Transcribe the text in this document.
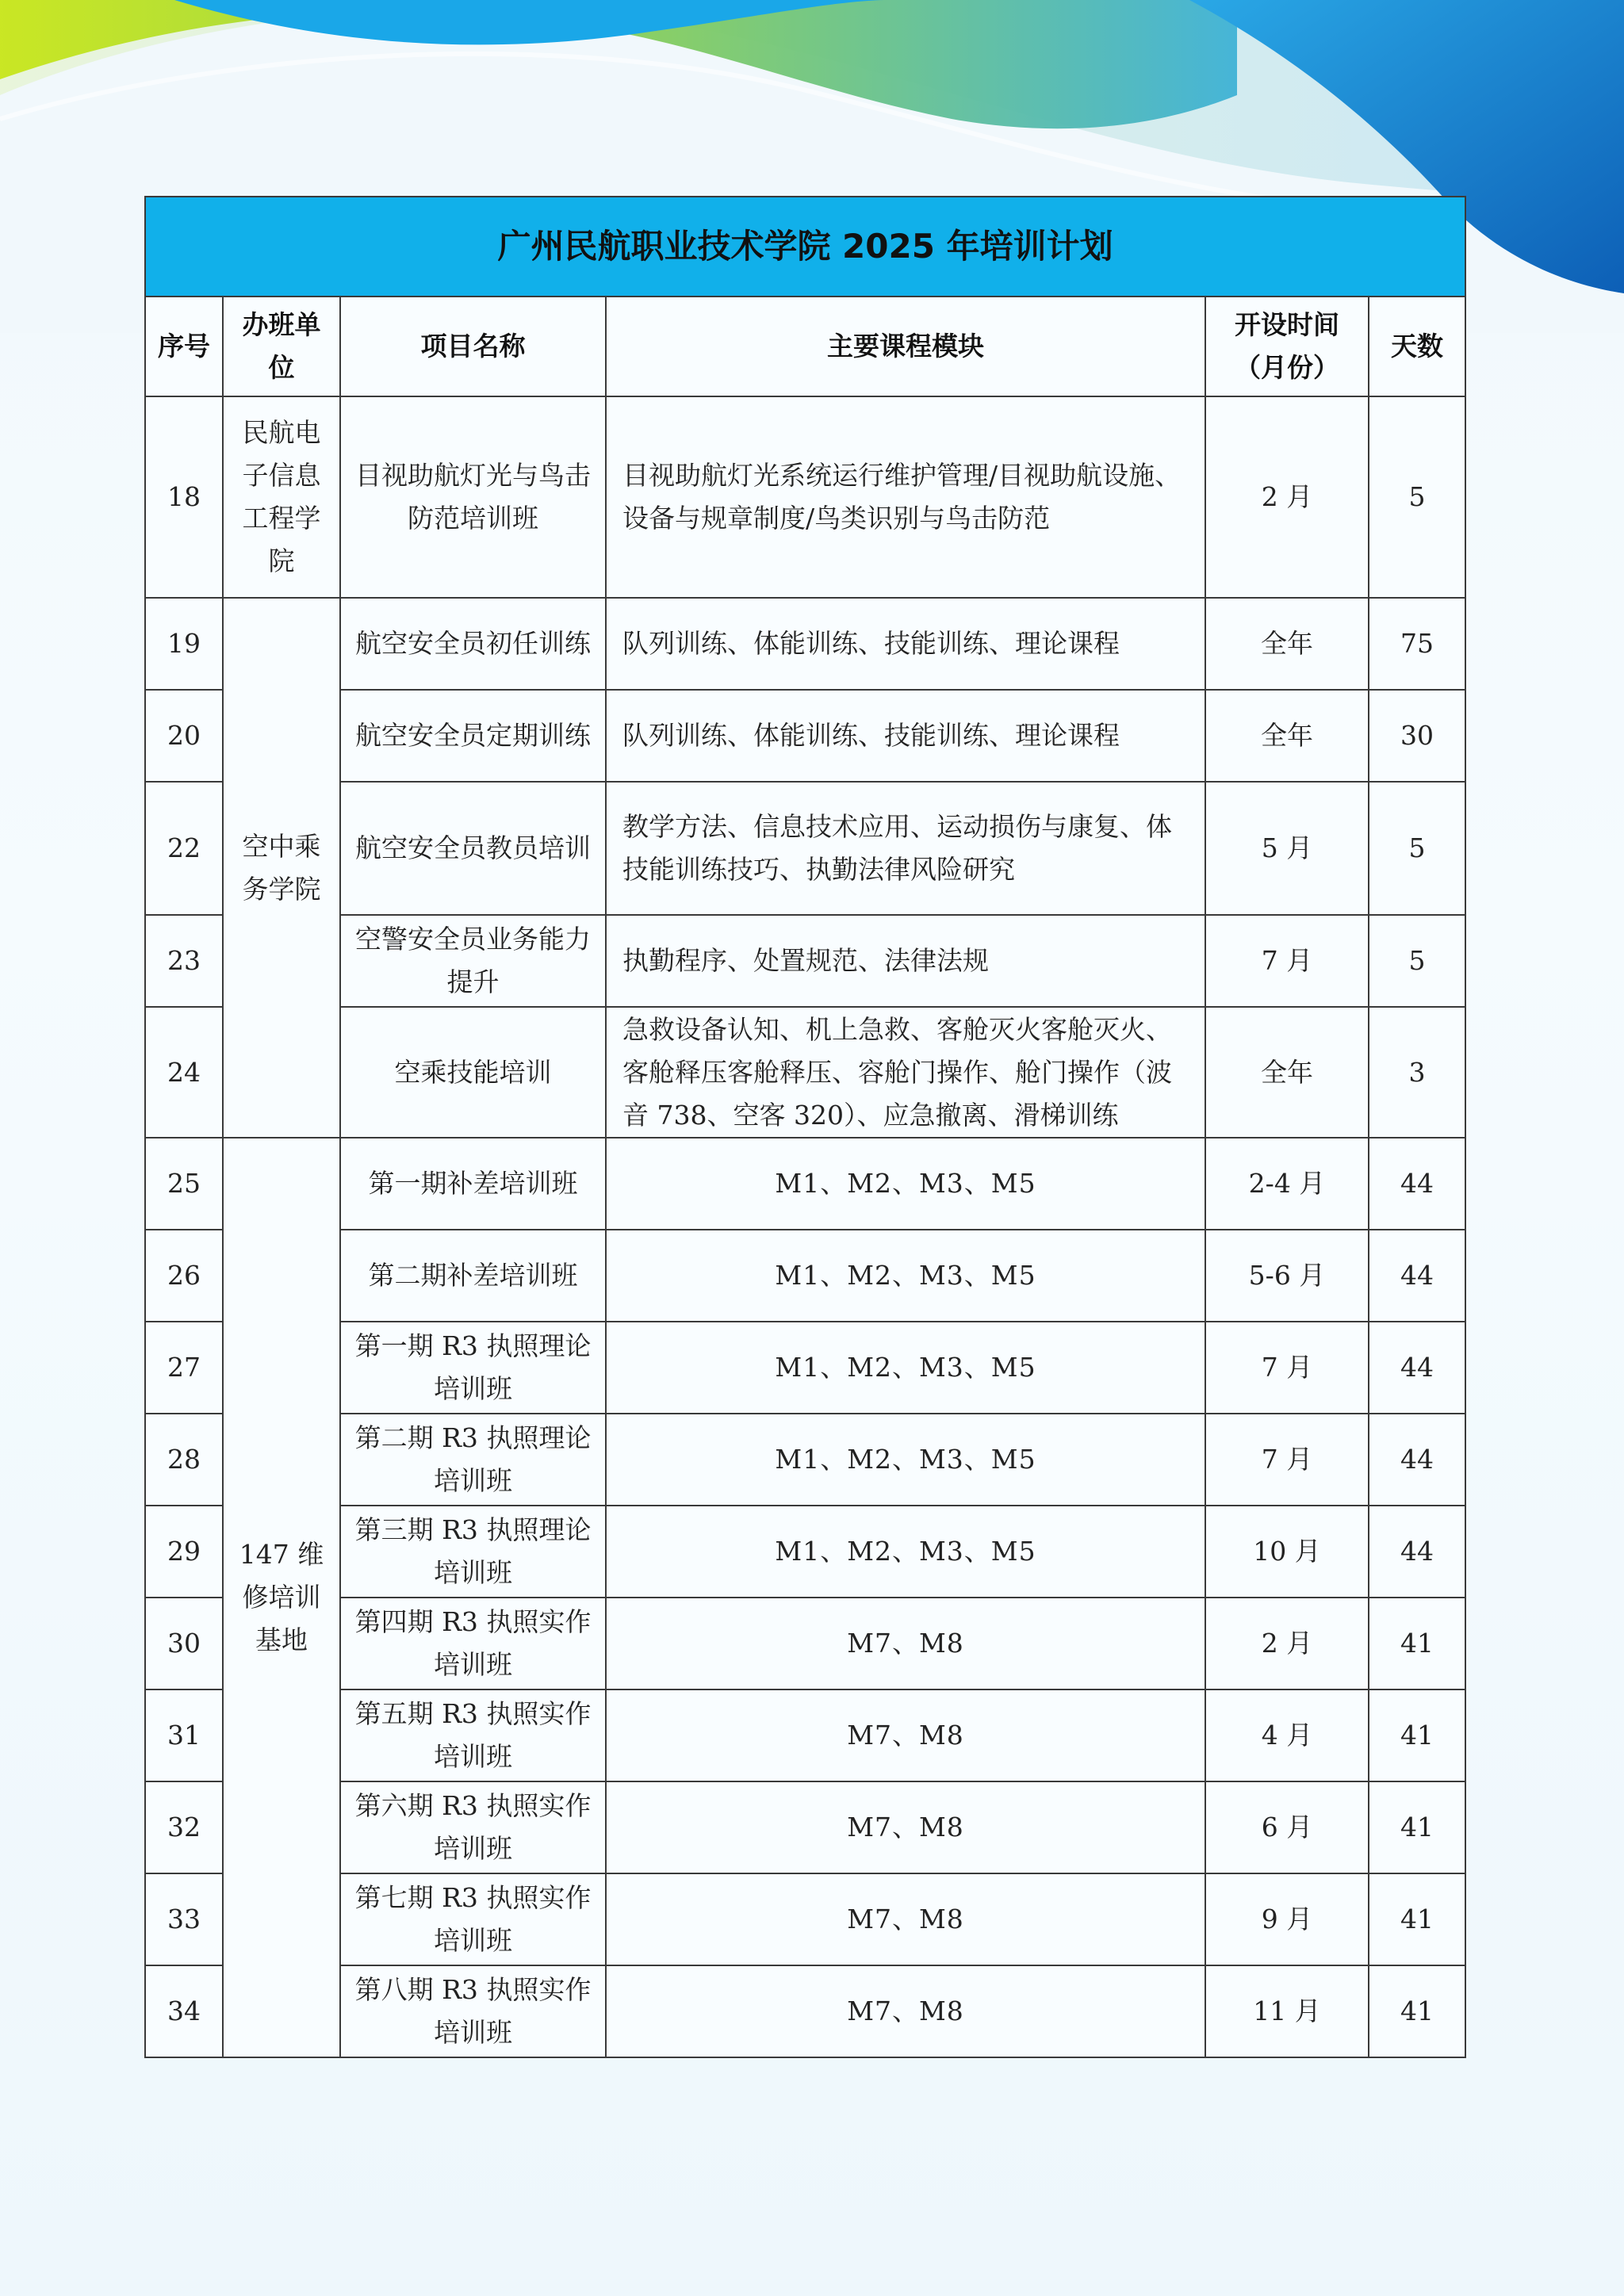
广州民航职业技术学院 2025 年培训计划					
序号	办班单位	项目名称	主要课程模块	开设时间（月份）	天数
18	民航电子信息工程学院	目视助航灯光与鸟击防范培训班	目视助航灯光系统运行维护管理/目视助航设施、设备与规章制度/鸟类识别与鸟击防范	2 月	5
19	空中乘务学院	航空安全员初任训练	队列训练、体能训练、技能训练、理论课程	全年	75
20		航空安全员定期训练	队列训练、体能训练、技能训练、理论课程	全年	30
22		航空安全员教员培训	教学方法、信息技术应用、运动损伤与康复、体技能训练技巧、执勤法律风险研究	5 月	5
23		空警安全员业务能力提升	执勤程序、处置规范、法律法规	7 月	5
24		空乘技能培训	急救设备认知、机上急救、客舱灭火客舱灭火、客舱释压客舱释压、容舱门操作、舱门操作（波音 738、空客 320）、应急撤离、滑梯训练	全年	3
25	147 维修培训基地	第一期补差培训班	M1、M2、M3、M5	2-4 月	44
26		第二期补差培训班	M1、M2、M3、M5	5-6 月	44
27		第一期 R3 执照理论培训班	M1、M2、M3、M5	7 月	44
28		第二期 R3 执照理论培训班	M1、M2、M3、M5	7 月	44
29		第三期 R3 执照理论培训班	M1、M2、M3、M5	10 月	44
30		第四期 R3 执照实作培训班	M7、M8	2 月	41
31		第五期 R3 执照实作培训班	M7、M8	4 月	41
32		第六期 R3 执照实作培训班	M7、M8	6 月	41
33		第七期 R3 执照实作培训班	M7、M8	9 月	41
34		第八期 R3 执照实作培训班	M7、M8	11 月	41
